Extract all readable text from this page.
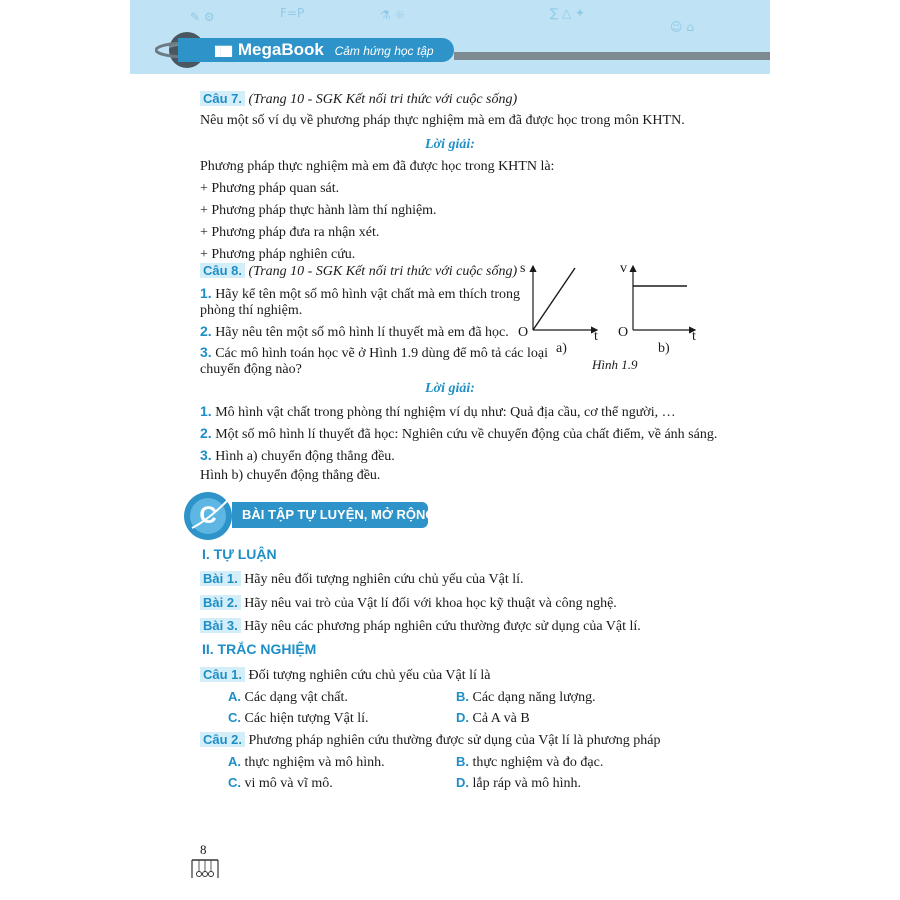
F=P
✎ ⚙	⚗ ☼	∑ △ ✦
☺ ⌂
▮▮▮ MegaBook Cảm hứng học tập
Câu 7. (Trang 10 - SGK Kết nối tri thức với cuộc sống)
Nêu một số ví dụ về phương pháp thực nghiệm mà em đã được học trong môn KHTN.
Lời giải:
Phương pháp thực nghiệm mà em đã được học trong KHTN là:
+ Phương pháp quan sát.
+ Phương pháp thực hành làm thí nghiệm.
+ Phương pháp đưa ra nhận xét.
+ Phương pháp nghiên cứu.
Câu 8. (Trang 10 - SGK Kết nối tri thức với cuộc sống)
1. Hãy kể tên một số mô hình vật chất mà em thích trong
phòng thí nghiệm.
2. Hãy nêu tên một số mô hình lí thuyết mà em đã học.
3. Các mô hình toán học vẽ ở Hình 1.9 dùng để mô tả các loại
chuyển động nào?
s
t
O
a)
v
t
O
b)
Hình 1.9
Lời giải:
1. Mô hình vật chất trong phòng thí nghiệm ví dụ như: Quả địa cầu, cơ thể người, …
2. Một số mô hình lí thuyết đã học: Nghiên cứu về chuyển động của chất điểm, về ánh sáng.
3. Hình a) chuyển động thẳng đều.
Hình b) chuyển động thẳng đều.
C	BÀI TẬP TỰ LUYỆN, MỞ RỘNG
I. TỰ LUẬN
Bài 1. Hãy nêu đối tượng nghiên cứu chủ yếu của Vật lí.
Bài 2. Hãy nêu vai trò của Vật lí đối với khoa học kỹ thuật và công nghệ.
Bài 3. Hãy nêu các phương pháp nghiên cứu thường được sử dụng của Vật lí.
II. TRẮC NGHIỆM
Câu 1. Đối tượng nghiên cứu chủ yếu của Vật lí là
A. Các dạng vật chất.	B. Các dạng năng lượng.
C. Các hiện tượng Vật lí.	D. Cả A và B
Câu 2. Phương pháp nghiên cứu thường được sử dụng của Vật lí là phương pháp
A. thực nghiệm và mô hình.	B. thực nghiệm và đo đạc.
C. vi mô và vĩ mô.	D. lắp ráp và mô hình.
8
